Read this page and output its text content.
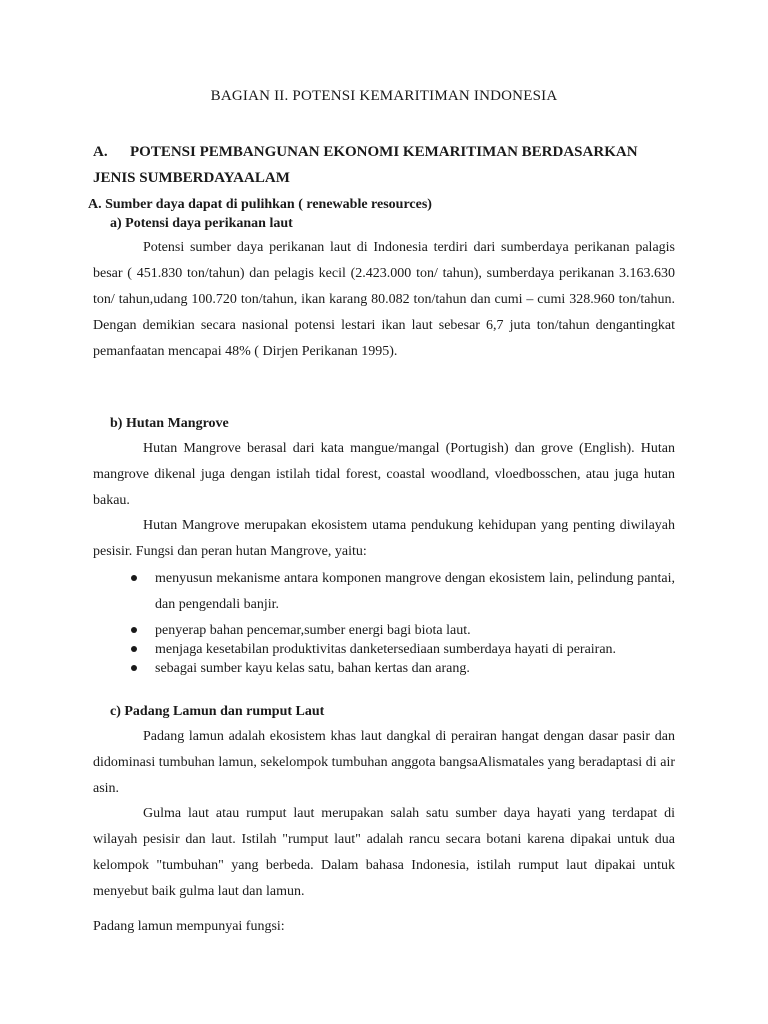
BAGIAN II. POTENSI KEMARITIMAN INDONESIA
A. POTENSI PEMBANGUNAN EKONOMI KEMARITIMAN BERDASARKAN
JENIS SUMBERDAYAALAM
A. Sumber daya dapat di pulihkan ( renewable resources)
a) Potensi daya perikanan laut
Potensi sumber daya perikanan laut di Indonesia terdiri dari sumberdaya perikanan palagis besar ( 451.830 ton/tahun) dan pelagis kecil (2.423.000 ton/ tahun), sumberdaya perikanan 3.163.630 ton/ tahun,udang 100.720 ton/tahun, ikan karang 80.082 ton/tahun dan cumi – cumi 328.960 ton/tahun. Dengan demikian secara nasional potensi lestari ikan laut sebesar 6,7 juta ton/tahun dengantingkat pemanfaatan mencapai 48% ( Dirjen Perikanan 1995).
b) Hutan Mangrove
Hutan Mangrove berasal dari kata mangue/mangal (Portugish) dan grove (English). Hutan mangrove dikenal juga dengan istilah tidal forest, coastal woodland, vloedbosschen, atau juga hutan bakau.
Hutan Mangrove merupakan ekosistem utama pendukung kehidupan yang penting diwilayah pesisir. Fungsi dan peran hutan Mangrove, yaitu:
menyusun mekanisme antara komponen mangrove dengan ekosistem lain, pelindung pantai, dan pengendali banjir.
penyerap bahan pencemar,sumber energi bagi biota laut.
menjaga kesetabilan produktivitas danketersediaan sumberdaya hayati di perairan.
sebagai sumber kayu kelas satu, bahan kertas dan arang.
c) Padang Lamun dan rumput Laut
Padang lamun adalah ekosistem khas laut dangkal di perairan hangat dengan dasar pasir dan didominasi tumbuhan lamun, sekelompok tumbuhan anggota bangsaAlismatales yang beradaptasi di air asin.
Gulma laut atau rumput laut merupakan salah satu sumber daya hayati yang terdapat di wilayah pesisir dan laut. Istilah "rumput laut" adalah rancu secara botani karena dipakai untuk dua kelompok "tumbuhan" yang berbeda. Dalam bahasa Indonesia, istilah rumput laut dipakai untuk menyebut baik gulma laut dan lamun.
Padang lamun mempunyai fungsi:
